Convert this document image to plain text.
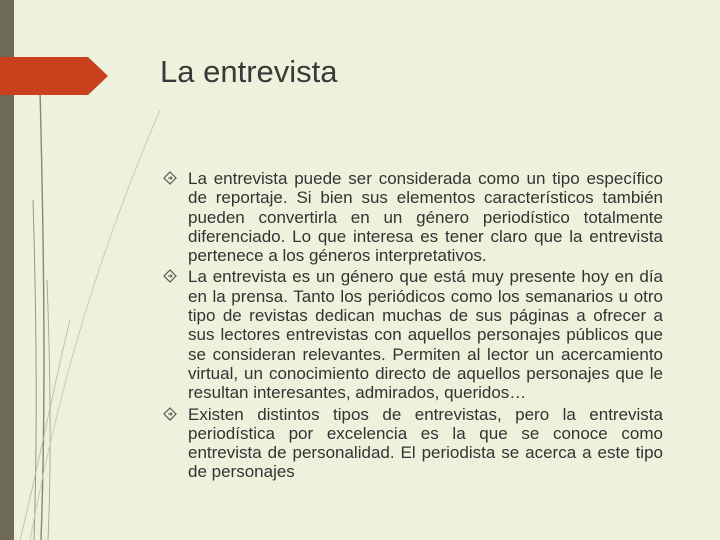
La entrevista

La entrevista puede ser considerada como un tipo específico de reportaje. Si bien sus elementos característicos también pueden convertirla en un género periodístico totalmente diferenciado. Lo que interesa es tener claro que la entrevista pertenece a los géneros interpretativos.

La entrevista es un género que está muy presente hoy en día en la prensa. Tanto los periódicos como los semanarios u otro tipo de revistas dedican muchas de sus páginas a ofrecer a sus lectores entrevistas con aquellos personajes públicos que se consideran relevantes. Permiten al lector un acercamiento virtual, un conocimiento directo de aquellos personajes que le resultan interesantes, admirados, queridos…

Existen distintos tipos de entrevistas, pero la entrevista periodística por excelencia es la que se conoce como entrevista de personalidad. El periodista se acerca a este tipo de personajes
